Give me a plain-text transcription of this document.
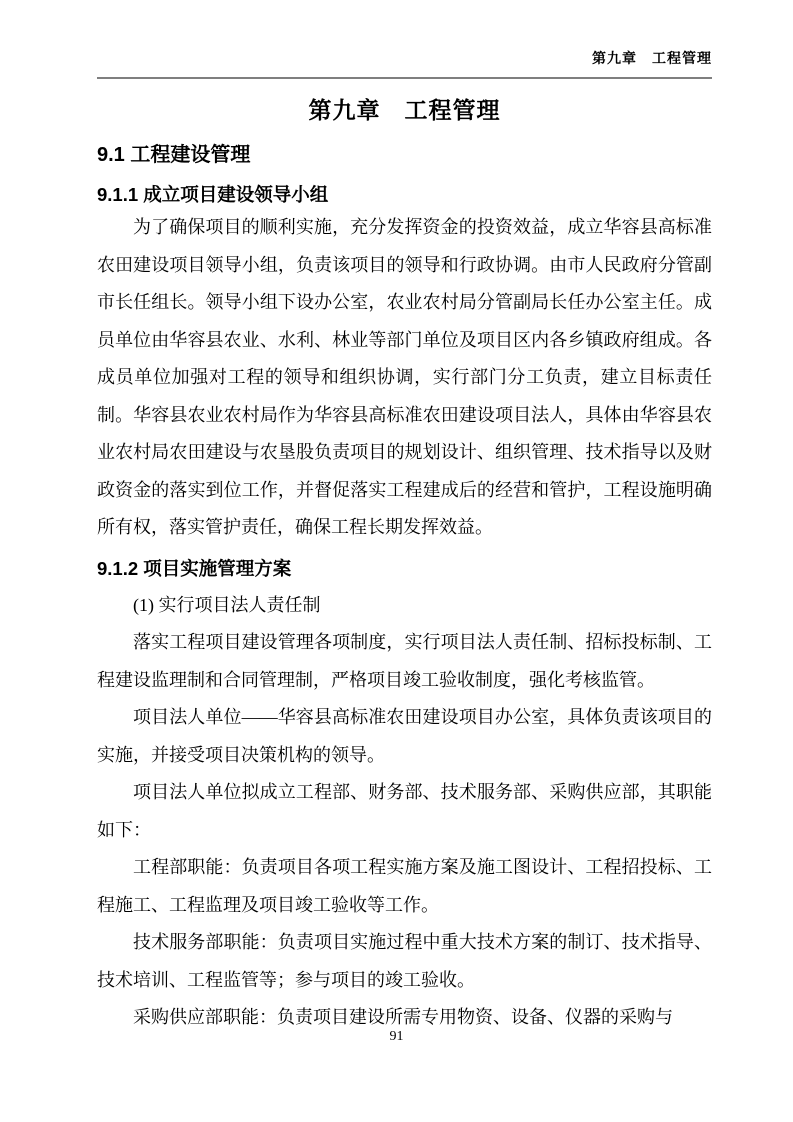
第九章　工程管理
第九章　工程管理
9.1 工程建设管理
9.1.1 成立项目建设领导小组

为了确保项目的顺利实施，充分发挥资金的投资效益，成立华容县高标准农田建设项目领导小组，负责该项目的领导和行政协调。由市人民政府分管副市长任组长。领导小组下设办公室，农业农村局分管副局长任办公室主任。成员单位由华容县农业、水利、林业等部门单位及项目区内各乡镇政府组成。各成员单位加强对工程的领导和组织协调，实行部门分工负责，建立目标责任制。华容县农业农村局作为华容县高标准农田建设项目法人，具体由华容县农业农村局农田建设与农垦股负责项目的规划设计、组织管理、技术指导以及财政资金的落实到位工作，并督促落实工程建成后的经营和管护，工程设施明确所有权，落实管护责任，确保工程长期发挥效益。

9.1.2 项目实施管理方案

(1) 实行项目法人责任制

落实工程项目建设管理各项制度，实行项目法人责任制、招标投标制、工程建设监理制和合同管理制，严格项目竣工验收制度，强化考核监管。

项目法人单位——华容县高标准农田建设项目办公室，具体负责该项目的实施，并接受项目决策机构的领导。

项目法人单位拟成立工程部、财务部、技术服务部、采购供应部，其职能如下：

工程部职能：负责项目各项工程实施方案及施工图设计、工程招投标、工程施工、工程监理及项目竣工验收等工作。

技术服务部职能：负责项目实施过程中重大技术方案的制订、技术指导、技术培训、工程监管等；参与项目的竣工验收。

采购供应部职能：负责项目建设所需专用物资、设备、仪器的采购与

91
